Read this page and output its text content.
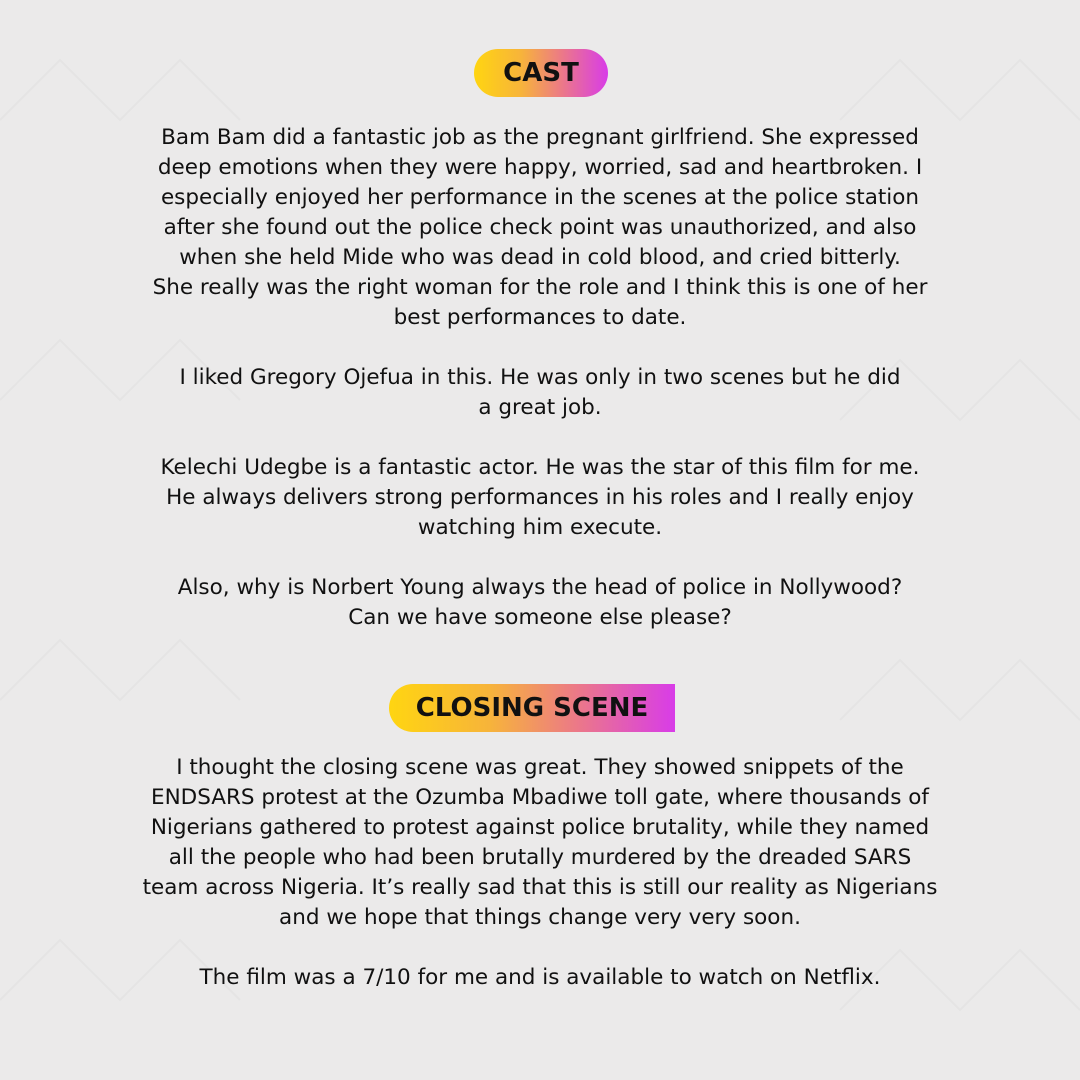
CAST

Bam Bam did a fantastic job as the pregnant girlfriend. She expressed
deep emotions when they were happy, worried, sad and heartbroken. I
especially enjoyed her performance in the scenes at the police station
after she found out the police check point was unauthorized, and also
when she held Mide who was dead in cold blood, and cried bitterly.
She really was the right woman for the role and I think this is one of her
best performances to date.

I liked Gregory Ojefua in this. He was only in two scenes but he did
a great job.

Kelechi Udegbe is a fantastic actor. He was the star of this film for me.
He always delivers strong performances in his roles and I really enjoy
watching him execute.

Also, why is Norbert Young always the head of police in Nollywood?
Can we have someone else please?

CLOSING SCENE

I thought the closing scene was great. They showed snippets of the
ENDSARS protest at the Ozumba Mbadiwe toll gate, where thousands of
Nigerians gathered to protest against police brutality, while they named
all the people who had been brutally murdered by the dreaded SARS
team across Nigeria. It’s really sad that this is still our reality as Nigerians
and we hope that things change very very soon.

The film was a 7/10 for me and is available to watch on Netflix.
